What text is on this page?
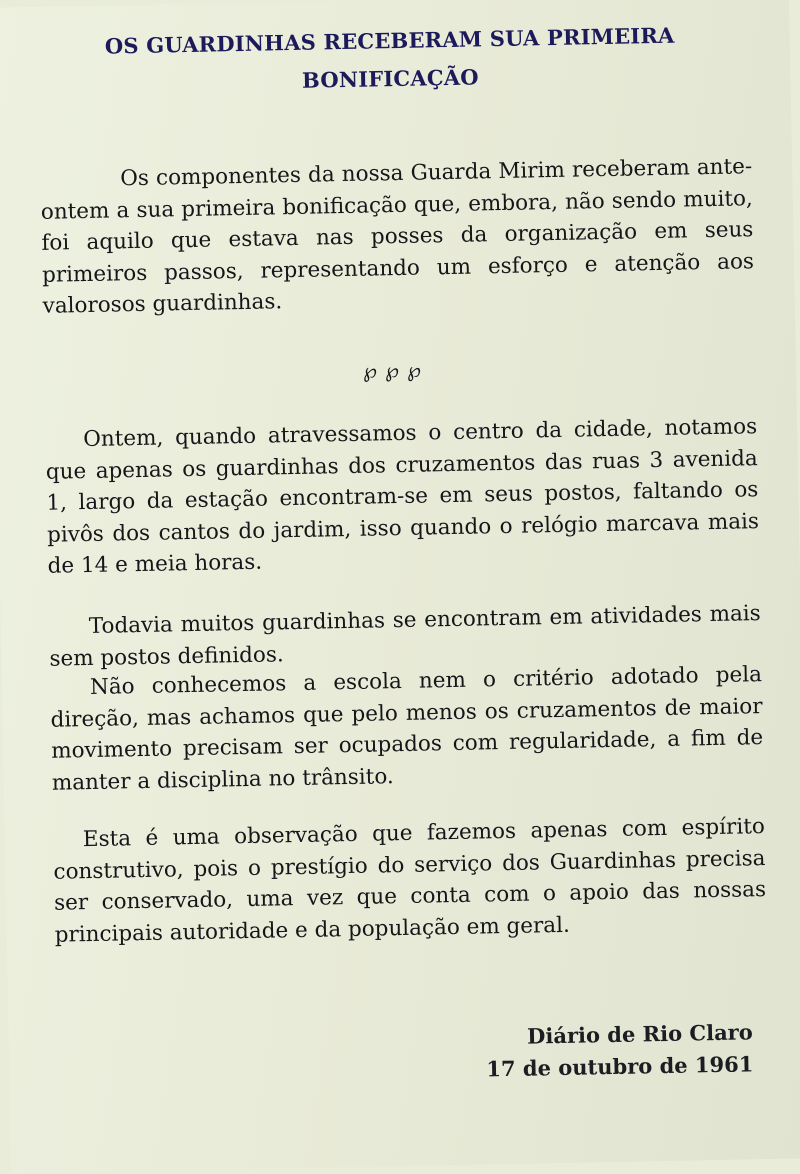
OS GUARDINHAS RECEBERAM SUA PRIMEIRA
BONIFICAÇÃO

Os componentes da nossa Guarda Mirim receberam ante-ontem a sua primeira bonificação que, embora, não sendo muito, foi aquilo que estava nas posses da organização em seus primeiros passos, representando um esforço e atenção aos valorosos guardinhas.

℘℘℘

Ontem, quando atravessamos o centro da cidade, notamos que apenas os guardinhas dos cruzamentos das ruas 3 avenida 1, largo da estação encontram-se em seus postos, faltando os pivôs dos cantos do jardim, isso quando o relógio marcava mais de 14 e meia horas.

Todavia muitos guardinhas se encontram em atividades mais sem postos definidos.

Não conhecemos a escola nem o critério adotado pela direção, mas achamos que pelo menos os cruzamentos de maior movimento precisam ser ocupados com regularidade, a fim de manter a disciplina no trânsito.

Esta é uma observação que fazemos apenas com espírito construtivo, pois o prestígio do serviço dos Guardinhas precisa ser conservado, uma vez que conta com o apoio das nossas principais autoridade e da população em geral.

Diário de Rio Claro
17 de outubro de 1961
